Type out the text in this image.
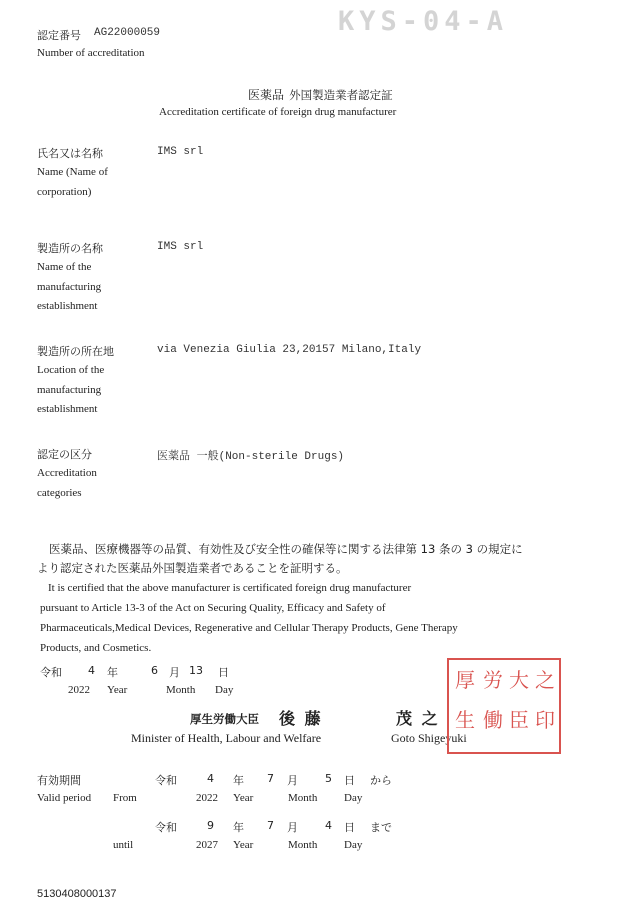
認定番号 AG22000059
Number of accreditation
KYS-04-A
医薬品 外国製造業者認定証
Accreditation certificate of foreign drug manufacturer
氏名又は名称
Name (Name of
corporation)
IMS srl
製造所の名称
Name of the
manufacturing
establishment
IMS srl
製造所の所在地
Location of the
manufacturing
establishment
via Venezia Giulia 23,20157 Milano,Italy
認定の区分
Accreditation
categories
医薬品 一般(Non-sterile Drugs)
医薬品、医療機器等の品質、有効性及び安全性の確保等に関する法律第 13 条の 3 の規定に
より認定された医薬品外国製造業者であることを証明する。
It is certified that the above manufacturer is certificated foreign drug manufacturer
pursuant to Article 13-3 of the Act on Securing Quality, Efficacy and Safety of
Pharmaceuticals,Medical Devices, Regenerative and Cellular Therapy Products, Gene Therapy
Products, and Cosmetics.
令和 4 年	6 月 13 日
2022 Year	Month Day
厚生労働大臣 後 藤	茂 之
Minister of Health, Labour and Welfare	Goto Shigeyuki
厚
生
労
働
大
臣
之
印
有効期間
Valid period From
令和	4 年 7 月 5 日 から
2022 Year	Month Day
until
令和	9 年 7 月 4 日 まで
2027 Year	Month Day
5130408000137
